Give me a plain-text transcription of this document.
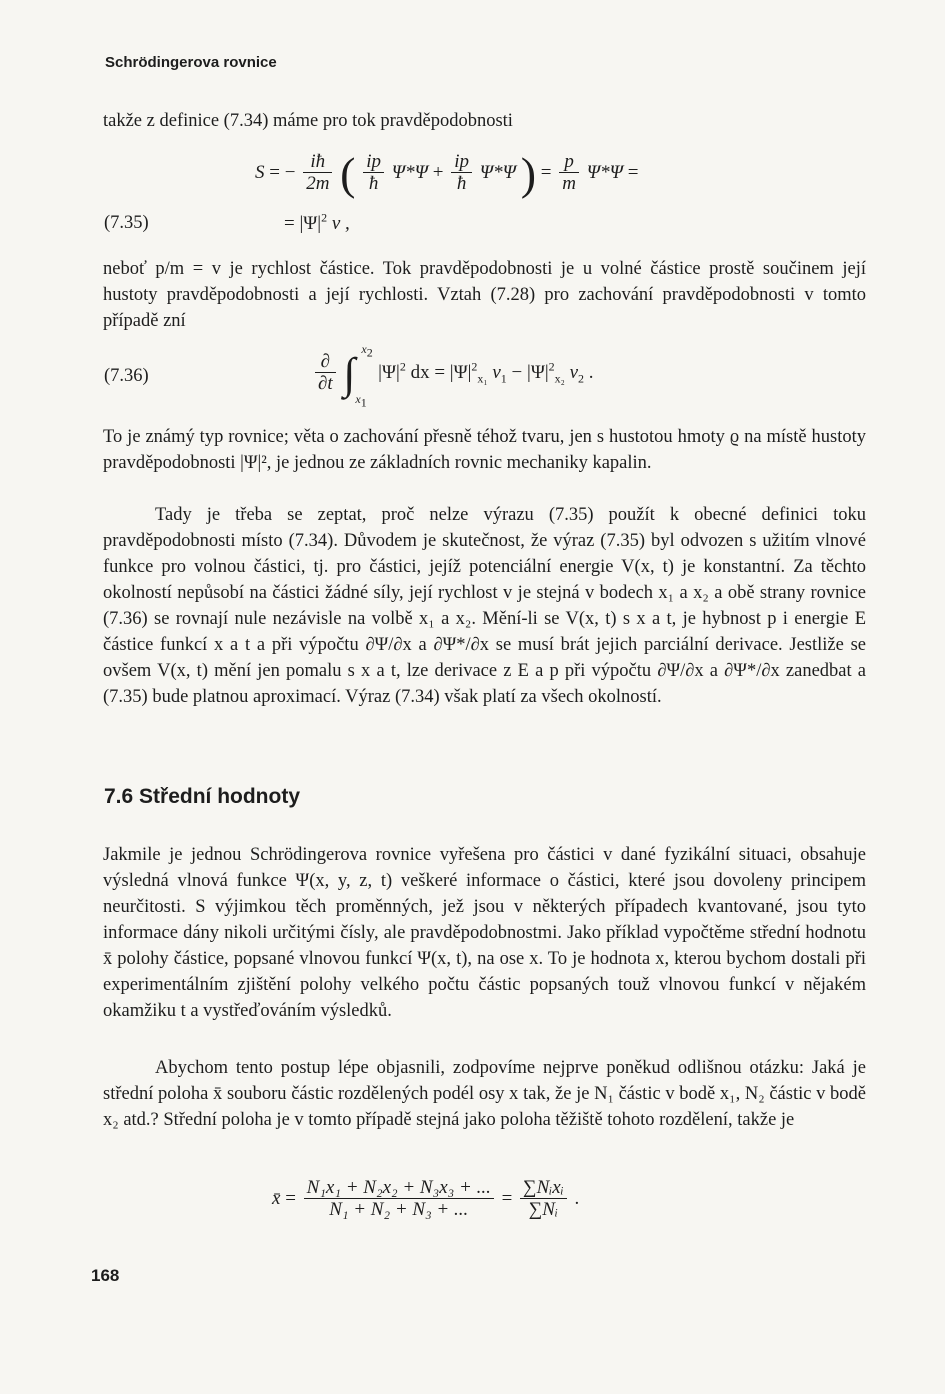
Schrödingerova rovnice
takže z definice (7.34) máme pro tok pravděpodobnosti
S = − $\frac{iħ}{2m}$ ( $\frac{ip}{ħ} \Psi*\Psi + \frac{ip}{ħ} \Psi*\Psi$ ) = $\frac{p}{m} \Psi*\Psi$ =
(7.35)	= $|\Psi|^2$ v ,
neboť p/m = v je rychlost částice. Tok pravděpodobnosti je u volné částice prostě součinem její hustoty pravděpodobnosti a její rychlosti. Vztah (7.28) pro zachování pravděpodobnosti v tomto případě zní
(7.36)	$\frac{\partial}{\partial t}$ ∫ $x_2$
$x_1$
$|\Psi|^2$ dx = $|\Psi|^2_{x_1}$ $v_1 - |\Psi|^2_{x_2}$ $v_2$ .
To je známý typ rovnice; věta o zachování přesně téhož tvaru, jen s hustotou hmoty ϱ na místě hustoty pravděpodobnosti |Ψ|², je jednou ze základních rovnic mechaniky kapalin.
Tady je třeba se zeptat, proč nelze výrazu (7.35) použít k obecné definici toku pravděpodobnosti místo (7.34). Důvodem je skutečnost, že výraz (7.35) byl odvozen s užitím vlnové funkce pro volnou částici, tj. pro částici, jejíž potenciální energie V(x, t) je konstantní. Za těchto okolností nepůsobí na částici žádné síly, její rychlost v je stejná v bodech x₁ a x₂ a obě strany rovnice (7.36) se rovnají nule nezávisle na volbě x₁ a x₂. Mění-li se V(x, t) s x a t, je hybnost p i energie E částice funkcí x a t a při výpočtu ∂Ψ/∂x a ∂Ψ*/∂x se musí brát jejich parciální derivace. Jestliže se ovšem V(x, t) mění jen pomalu s x a t, lze derivace z E a p při výpočtu ∂Ψ/∂x a ∂Ψ*/∂x zanedbat a (7.35) bude platnou aproximací. Výraz (7.34) však platí za všech okolností.
7.6 Střední hodnoty
Jakmile je jednou Schrödingerova rovnice vyřešena pro částici v dané fyzikální situaci, obsahuje výsledná vlnová funkce Ψ(x, y, z, t) veškeré informace o částici, které jsou dovoleny principem neurčitosti. S výjimkou těch proměnných, jež jsou v některých případech kvantované, jsou tyto informace dány nikoli určitými čísly, ale pravděpodobnostmi. Jako příklad vypočtěme střední hodnotu x̄ polohy částice, popsané vlnovou funkcí Ψ(x, t), na ose x. To je hodnota x, kterou bychom dostali při experimentálním zjištění polohy velkého počtu částic popsaných touž vlnovou funkcí v nějakém okamžiku t a vystřeďováním výsledků.
Abychom tento postup lépe objasnili, zodpovíme nejprve poněkud odlišnou otázku: Jaká je střední poloha x̄ souboru částic rozdělených podél osy x tak, že je N₁ částic v bodě x₁, N₂ částic v bodě x₂ atd.? Střední poloha je v tomto případě stejná jako poloha těžiště tohoto rozdělení, takže je
x̄ = $\frac{\text{N₁x₁ + N₂x₂ + N₃x₃ + ...}}{\text{N₁ + N₂ + N₃ + ...}} = \frac{\text{∑Nᵢxᵢ}}{\text{∑Nᵢ}}$ .
168
